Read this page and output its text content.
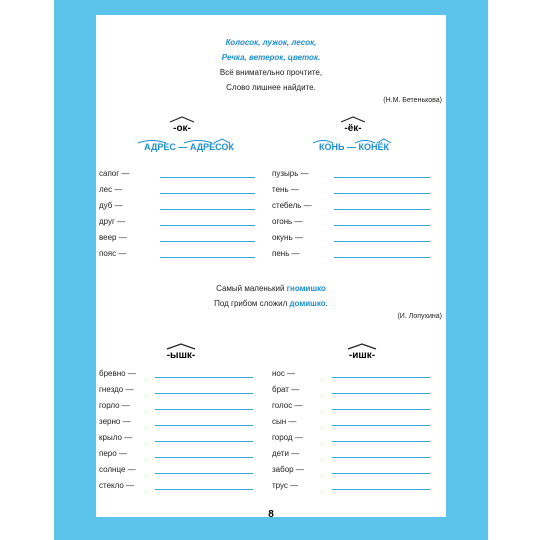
Колосок, лужок, лесок,
Речка, ветерок, цветок.
Всё внимательно прочтите,
Слово лишнее найдите.
(Н.М. Бетенькова)
-ок-
АДРЕС — АДРЕСОК
сапог —
лес —
дуб —
друг —
веер —
пояс —
-ёк-
КОНЬ — КОНЁК
пузырь —
тень —
стебель —
огонь —
окунь —
пень —
Самый маленький гномишко
Под грибом сложил домишко.
(И. Лопухина)
-ышк-
бревно —
гнездо —
горло —
зерно —
крыло —
перо —
солнце —
стекло —
-ишк-
нос —
брат —
голос —
сын —
город —
дети —
забор —
трус —
8
